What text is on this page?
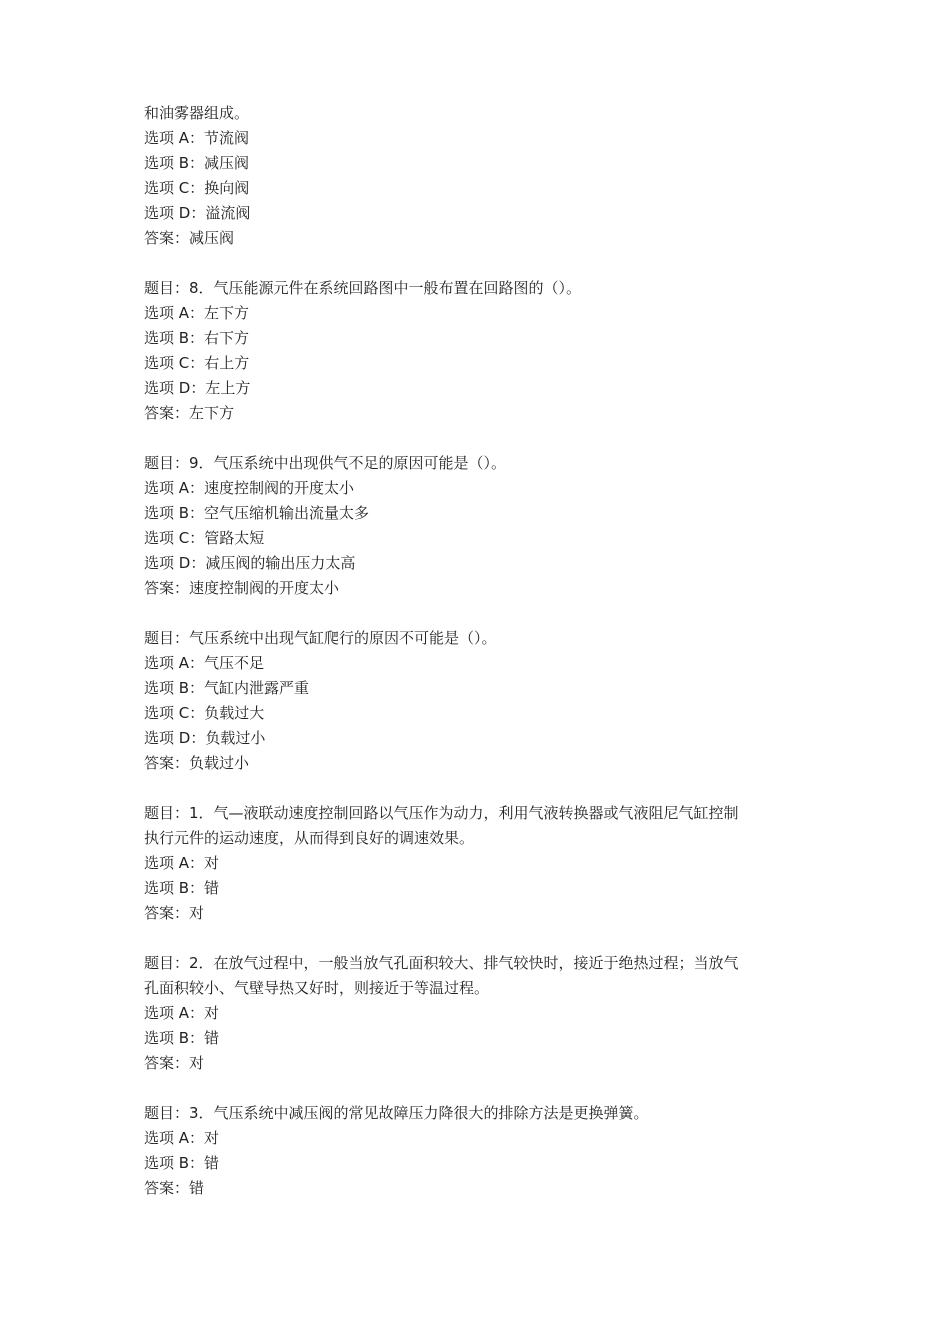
和油雾器组成。

选项 A：节流阀

选项 B：减压阀

选项 C：换向阀

选项 D：溢流阀

答案：减压阀

题目：8．气压能源元件在系统回路图中一般布置在回路图的（）。

选项 A：左下方

选项 B：右下方

选项 C：右上方

选项 D：左上方

答案：左下方

题目：9．气压系统中出现供气不足的原因可能是（）。

选项 A：速度控制阀的开度太小

选项 B：空气压缩机输出流量太多

选项 C：管路太短

选项 D：减压阀的输出压力太高

答案：速度控制阀的开度太小

题目：气压系统中出现气缸爬行的原因不可能是（）。

选项 A：气压不足

选项 B：气缸内泄露严重

选项 C：负载过大

选项 D：负载过小

答案：负载过小

题目：1．气—液联动速度控制回路以气压作为动力，利用气液转换器或气液阻尼气缸控制

执行元件的运动速度，从而得到良好的调速效果。

选项 A：对

选项 B：错

答案：对

题目：2．在放气过程中，一般当放气孔面积较大、排气较快时，接近于绝热过程；当放气

孔面积较小、气壁导热又好时，则接近于等温过程。

选项 A：对

选项 B：错

答案：对

题目：3．气压系统中减压阀的常见故障压力降很大的排除方法是更换弹簧。

选项 A：对

选项 B：错

答案：错
